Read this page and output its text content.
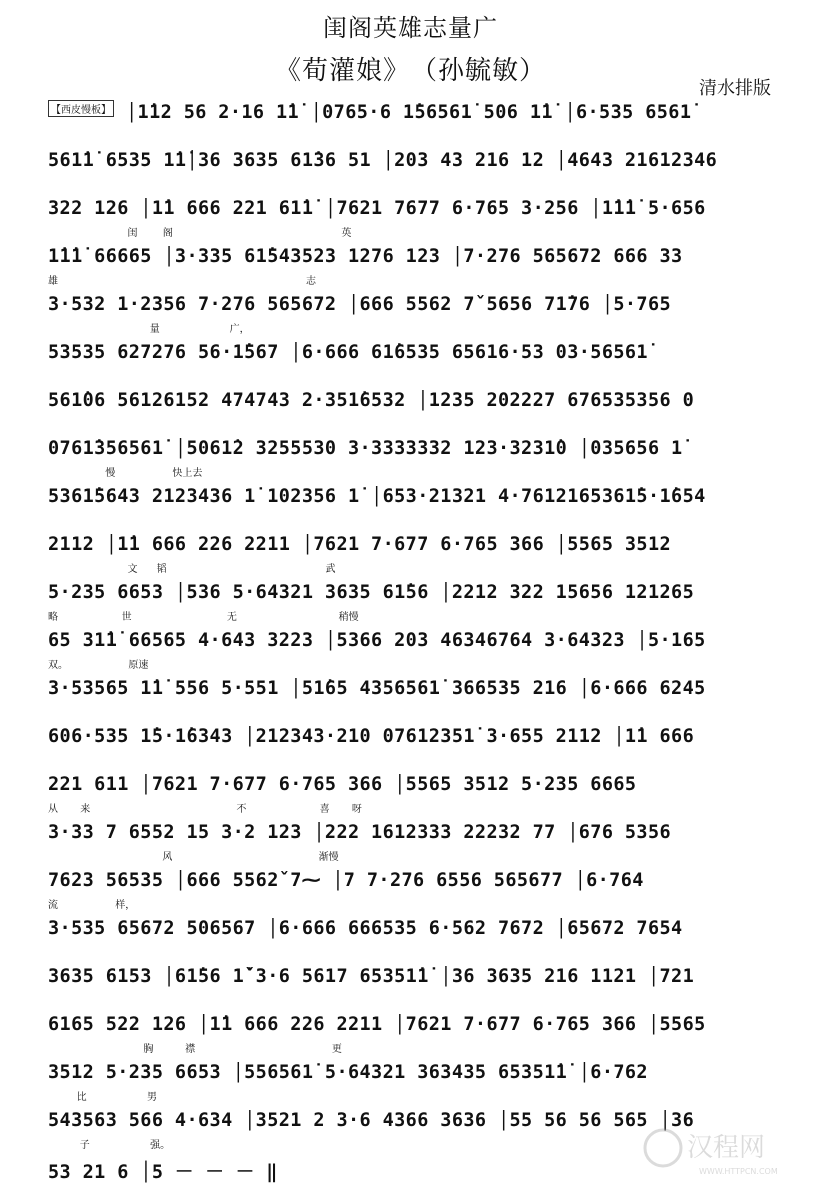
闺阁英雄志量广
《荀灌娘》　（孙毓敏）
清水排版
【西皮慢板】 │1̇12 56 2·16 1̇1̇ │0765·6 1̇56561̇ 506 1̇1̇ │6·535 6561̇
561̇1̇ 6535 1̇1̇│36 3635 61̇36 51 │203 43 216 12 │4643 21612346
322 126 │1̇1 666 221 61̇1̇ │7621 7677 6·765 3·256 │1̇1̇1̇ 5·656
闺        阁                                                     英
1̇1̇1̇ 66665 │3·335 61̇543523 1276 123 │7·276 565672 666 33
雄                                                                              志
3·532 1·2356 7·276 565672 │666 5562 7ˇ5656 71̇76 │5·765
量                      广，
53535 627276 56·1̇567 │6·666 61̇6535 65616·53 03·56561̇
561̇06 56126152 474743 2·351̇6532 │1235 202227 676535356 0
0761̇356561̇ │5061̇2 3255530 3·3333332 123·3231̇0 │035656 1̇
慢                  快上去
5361̇5643 2123436 1̇ 102356 1̇ │653·21321 4·7612165361̇5·1̇654
2112 │1̇1 666 226 2211 │7621 7·677 6·765 366 │5565 3512
文      韬                                                  武
5·235 6653 │536 5·64321 3635 61̇56 │2212 322 15656 121265
略                    世                              无                                稍慢
65 31̇1̇ 66565 4·643 3223 │5366 203 46346764 3·64323 │5·165
双。                   原速
3·53565 1̇1̇ 556 5·551 │51̇65 4356561̇ 366535 216 │6·666 6245
606·535 1̇5·1̇6343 │212343·210 07612351̇ 3·655 2112 │1̇1 666
221 611 │7621 7·677 6·765 366 │5565 3512 5·235 6665
从       来                                              不                       喜       呀
3·33 7 6552 15 3·2 123 │222 1612333 22232 77 │676 5356
风                                              渐慢
7623 56535 │666 5562ˇ7⁓ │7 7·276 6556 565677 │6·764
流                  样，
3·535 65672 506567 │6·666 666535 6·562 7672 │65672 7654
3635 6153 │61̇56 1̇ˇ3·6 5617 65351̇1̇ │36 3635 216 1121 │721
6165 522 126 │1̇1 666 226 2211 │7621 7·677 6·765 366 │5565
胸          襟                                           更
3512 5·235 6653 │556561̇ 5·64321 363435 65351̇1̇ │6·762
比                   男
543563 566 4·634 │3521 2 3·6 4366 3636 │55 56 56 565 │36
子                   强。
53 21 6 │5 － － － ‖
汉程网
WWW.HTTPCN.COM
